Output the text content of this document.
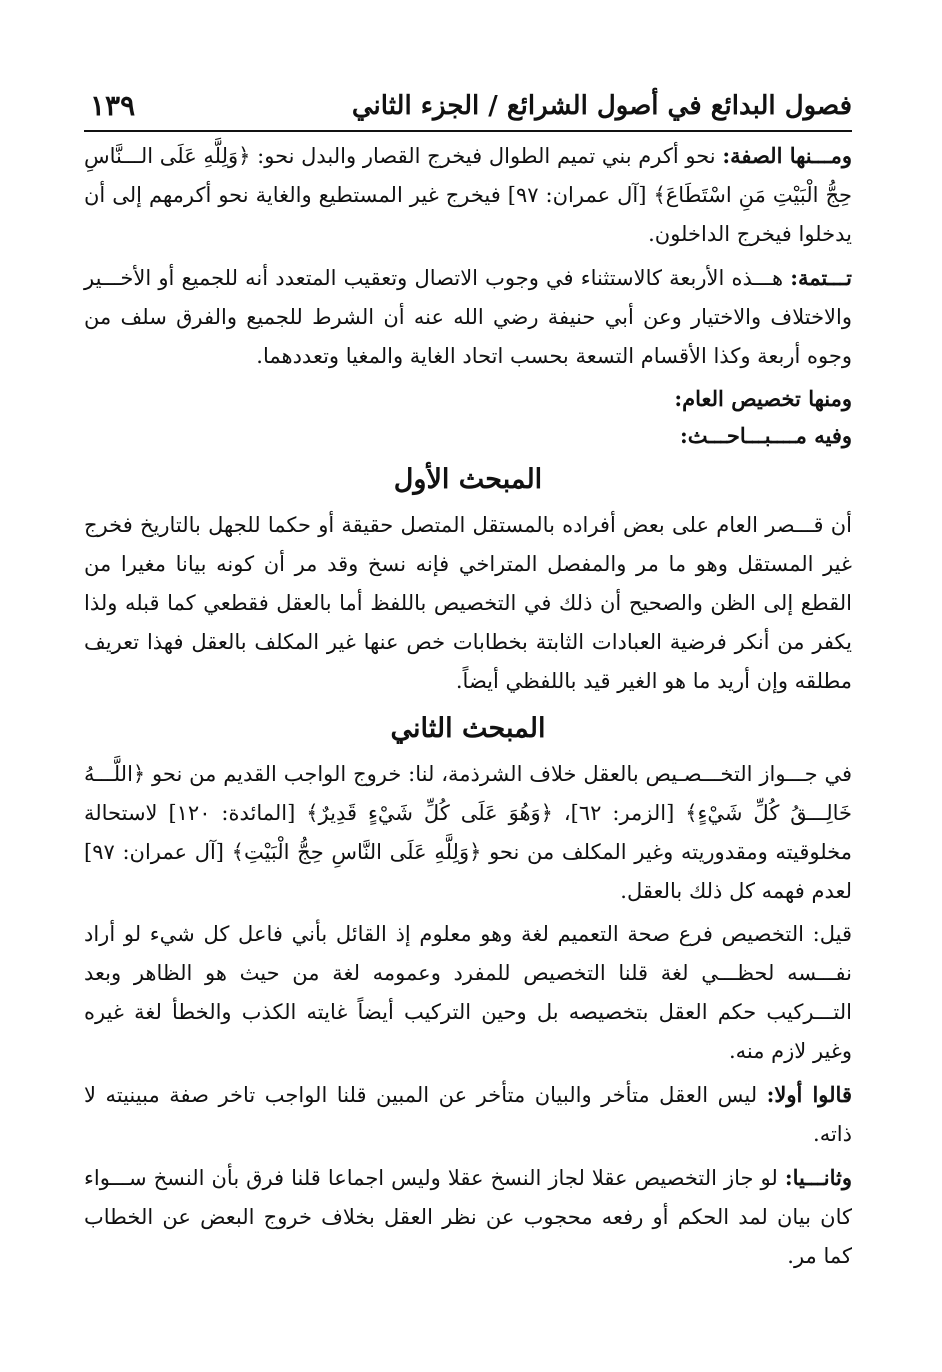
فصول البدائع في أصول الشرائع / الجزء الثاني
١٣٩

ومـــنها الصفة: نحو أكرم بني تميم الطوال فيخرج القصار والبدل نحو: ﴿وَلِلَّهِ عَلَى الـــنَّاسِ حِجُّ الْبَيْتِ مَنِ اسْتَطَاعَ﴾ [آل عمران: ٩٧] فيخرج غير المستطيع والغاية نحو أكرمهم إلى أن يدخلوا فيخرج الداخلون.

تـــتمة: هـــذه الأربعة كالاستثناء في وجوب الاتصال وتعقيب المتعدد أنه للجميع أو الأخـــير والاختلاف والاختيار وعن أبي حنيفة رضي الله عنه أن الشرط للجميع والفرق سلف من وجوه أربعة وكذا الأقسام التسعة بحسب اتحاد الغاية والمغيا وتعددهما.

ومنها تخصيص العام:

وفيه مــــبـــاحـــث:

المبحث الأول

أن قـــصر العام على بعض أفراده بالمستقل المتصل حقيقة أو حكما للجهل بالتاريخ فخرج غير المستقل وهو ما مر والمفصل المتراخي فإنه نسخ وقد مر أن كونه بيانا مغيرا من القطع إلى الظن والصحيح أن ذلك في التخصيص باللفظ أما بالعقل فقطعي كما قبله ولذا يكفر من أنكر فرضية العبادات الثابتة بخطابات خص عنها غير المكلف بالعقل فهذا تعريف مطلقه وإن أريد ما هو الغير قيد باللفظي أيضاً.

المبحث الثاني

في جـــواز التخـــصـيص بالعقل خلاف الشرذمة، لنا: خروج الواجب القديم من نحو ﴿اللَّـــهُ خَالِـــقُ كُلِّ شَيْءٍ﴾ [الزمر: ٦٢]، ﴿وَهُوَ عَلَى كُلِّ شَيْءٍ قَدِيرٌ﴾ [المائدة: ١٢٠] لاستحالة مخلوقيته ومقدوريته وغير المكلف من نحو ﴿وَلِلَّهِ عَلَى النَّاسِ حِجُّ الْبَيْتِ﴾ [آل عمران: ٩٧] لعدم فهمه كل ذلك بالعقل.

قيل: التخصيص فرع صحة التعميم لغة وهو معلوم إذ القائل بأني فاعل كل شيء لو أراد نفـــسه لحظـــي لغة قلنا التخصيص للمفرد وعمومه لغة من حيث هو الظاهر وبعد التـــركيب حكم العقل بتخصيصه بل وحين التركيب أيضاً غايته الكذب والخطأ لغة غيره وغير لازم منه.

قالوا أولا: ليس العقل متأخر والبيان متأخر عن المبين قلنا الواجب تاخر صفة مبينيته لا ذاته.

وثانـــيا: لو جاز التخصيص عقلا لجاز النسخ عقلا وليس اجماعا قلنا فرق بأن النسخ ســـواء كان بيان لمد الحكم أو رفعه محجوب عن نظر العقل بخلاف خروج البعض عن الخطاب كما مر.
